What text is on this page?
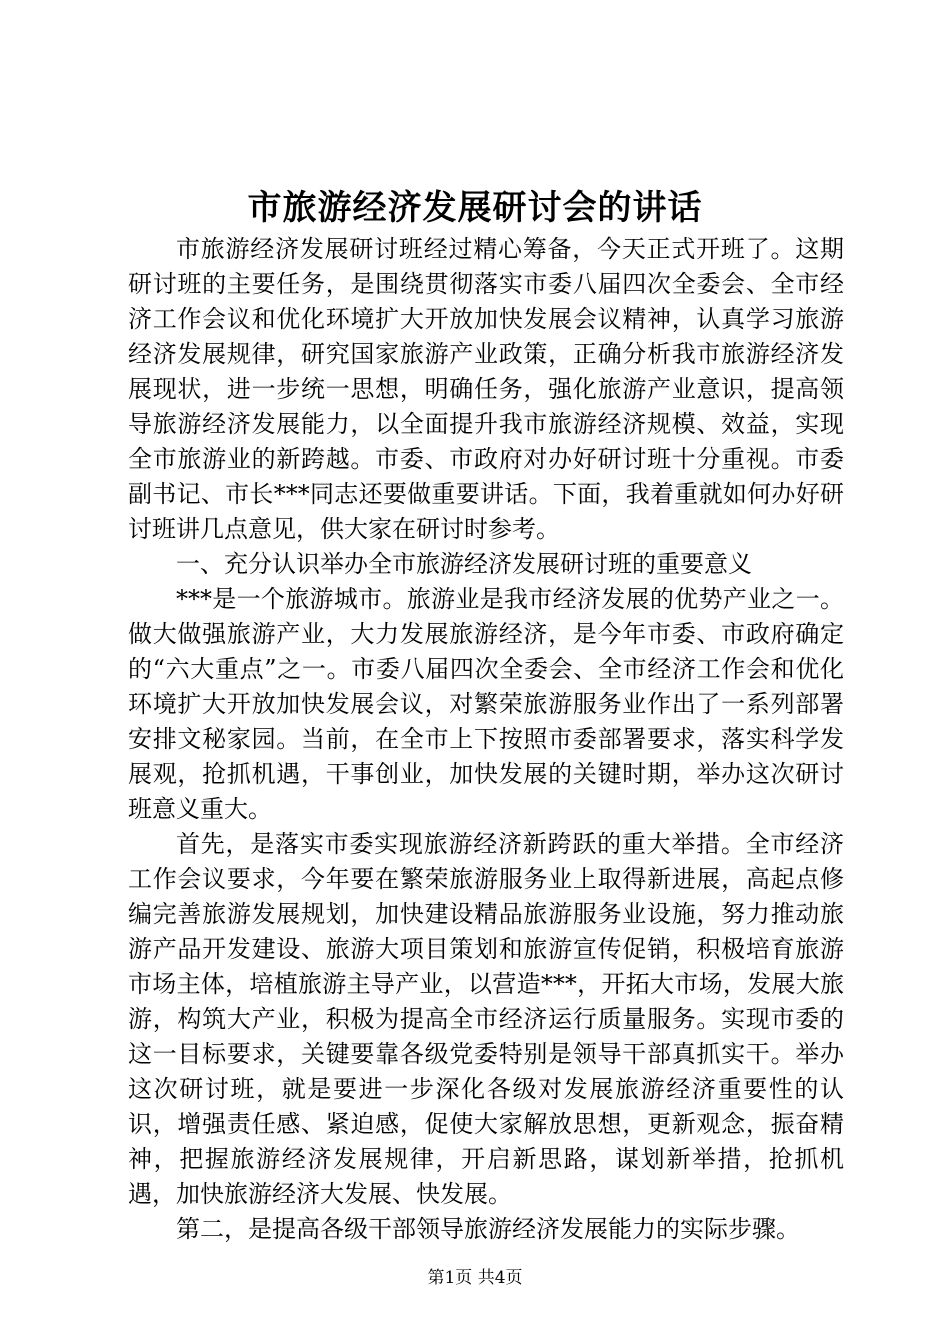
市旅游经济发展研讨会的讲话

市旅游经济发展研讨班经过精心筹备，今天正式开班了。这期研讨班的主要任务，是围绕贯彻落实市委八届四次全委会、全市经济工作会议和优化环境扩大开放加快发展会议精神，认真学习旅游经济发展规律，研究国家旅游产业政策，正确分析我市旅游经济发展现状，进一步统一思想，明确任务，强化旅游产业意识，提高领导旅游经济发展能力，以全面提升我市旅游经济规模、效益，实现全市旅游业的新跨越。市委、市政府对办好研讨班十分重视。市委副书记、市长***同志还要做重要讲话。下面，我着重就如何办好研讨班讲几点意见，供大家在研讨时参考。

一、充分认识举办全市旅游经济发展研讨班的重要意义

***是一个旅游城市。旅游业是我市经济发展的优势产业之一。做大做强旅游产业，大力发展旅游经济，是今年市委、市政府确定的“六大重点”之一。市委八届四次全委会、全市经济工作会和优化环境扩大开放加快发展会议，对繁荣旅游服务业作出了一系列部署安排文秘家园。当前，在全市上下按照市委部署要求，落实科学发展观，抢抓机遇，干事创业，加快发展的关键时期，举办这次研讨班意义重大。

首先，是落实市委实现旅游经济新跨跃的重大举措。全市经济工作会议要求，今年要在繁荣旅游服务业上取得新进展，高起点修编完善旅游发展规划，加快建设精品旅游服务业设施，努力推动旅游产品开发建设、旅游大项目策划和旅游宣传促销，积极培育旅游市场主体，培植旅游主导产业，以营造***，开拓大市场，发展大旅游，构筑大产业，积极为提高全市经济运行质量服务。实现市委的这一目标要求，关键要靠各级党委特别是领导干部真抓实干。举办这次研讨班，就是要进一步深化各级对发展旅游经济重要性的认识，增强责任感、紧迫感，促使大家解放思想，更新观念，振奋精神，把握旅游经济发展规律，开启新思路，谋划新举措，抢抓机遇，加快旅游经济大发展、快发展。

第二，是提高各级干部领导旅游经济发展能力的实际步骤。

第1页 共4页
